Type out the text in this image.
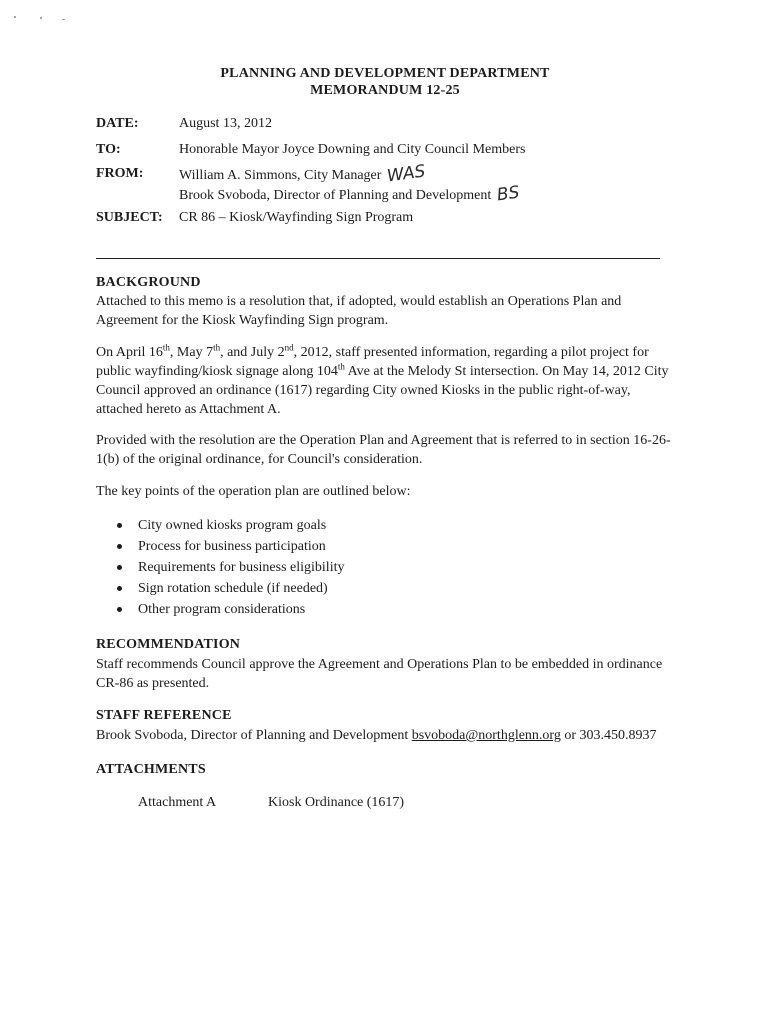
PLANNING AND DEVELOPMENT DEPARTMENT
MEMORANDUM 12-25
DATE:	August 13, 2012
TO:	Honorable Mayor Joyce Downing and City Council Members
FROM:	William A. Simmons, City Manager WAS
Brook Svoboda, Director of Planning and Development BS
SUBJECT: CR 86 – Kiosk/Wayfinding Sign Program
BACKGROUND
Attached to this memo is a resolution that, if adopted, would establish an Operations Plan and Agreement for the Kiosk Wayfinding Sign program.
On April 16th, May 7th, and July 2nd, 2012, staff presented information, regarding a pilot project for public wayfinding/kiosk signage along 104th Ave at the Melody St intersection. On May 14, 2012 City Council approved an ordinance (1617) regarding City owned Kiosks in the public right-of-way, attached hereto as Attachment A.
Provided with the resolution are the Operation Plan and Agreement that is referred to in section 16-26-1(b) of the original ordinance, for Council's consideration.
The key points of the operation plan are outlined below:
City owned kiosks program goals
Process for business participation
Requirements for business eligibility
Sign rotation schedule (if needed)
Other program considerations
RECOMMENDATION
Staff recommends Council approve the Agreement and Operations Plan to be embedded in ordinance CR-86 as presented.
STAFF REFERENCE
Brook Svoboda, Director of Planning and Development bsvoboda@northglenn.org or 303.450.8937
ATTACHMENTS
Attachment A	Kiosk Ordinance (1617)
